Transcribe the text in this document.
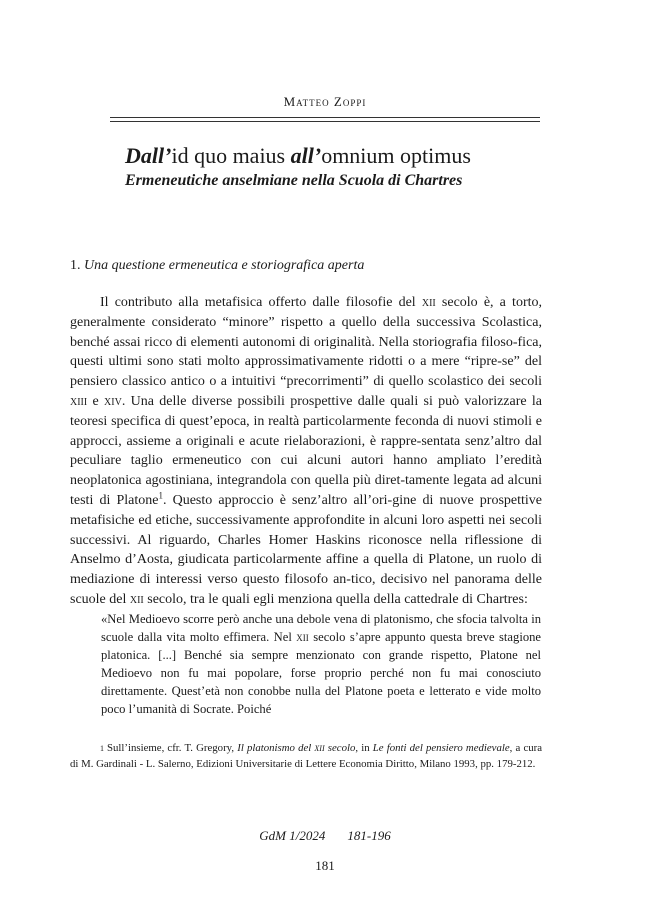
Matteo Zoppi

Dall’id quo maius all’omnium optimus

Ermeneutiche anselmiane nella Scuola di Chartres

1. Una questione ermeneutica e storiografica aperta

Il contributo alla metafisica offerto dalle filosofie del xii secolo è, a torto, generalmente considerato “minore” rispetto a quello della successiva Scolastica, benché assai ricco di elementi autonomi di originalità. Nella storiografia filoso-fica, questi ultimi sono stati molto approssimativamente ridotti o a mere “ripre-se” del pensiero classico antico o a intuitivi “precorrimenti” di quello scolastico dei secoli xiii e xiv. Una delle diverse possibili prospettive dalle quali si può valorizzare la teoresi specifica di quest’epoca, in realtà particolarmente feconda di nuovi stimoli e approcci, assieme a originali e acute rielaborazioni, è rappre-sentata senz’altro dal peculiare taglio ermeneutico con cui alcuni autori hanno ampliato l’eredità neoplatonica agostiniana, integrandola con quella più diret-tamente legata ad alcuni testi di Platone$^1$. Questo approccio è senz’altro all’ori-gine di nuove prospettive metafisiche ed etiche, successivamente approfondite in alcuni loro aspetti nei secoli successivi. Al riguardo, Charles Homer Haskins riconosce nella riflessione di Anselmo d’Aosta, giudicata particolarmente affine a quella di Platone, un ruolo di mediazione di interessi verso questo filosofo an-tico, decisivo nel panorama delle scuole del xii secolo, tra le quali egli menziona quella della cattedrale di Chartres:

«Nel Medioevo scorre però anche una debole vena di platonismo, che sfocia talvolta in scuole dalla vita molto effimera. Nel xii secolo s’apre appunto questa breve stagione platonica. [...] Benché sia sempre menzionato con grande rispetto, Platone nel Medioevo non fu mai popolare, forse proprio perché non fu mai conosciuto direttamente. Quest’età non conobbe nulla del Platone poeta e letterato e vide molto poco l’umanità di Socrate. Poiché

$^1$ Sull’insieme, cfr. T. Gregory, Il platonismo del xii secolo, in Le fonti del pensiero medievale, a cura di M. Gardinali - L. Salerno, Edizioni Universitarie di Lettere Economia Diritto, Milano 1993, pp. 179-212.

GdM 1/2024 181-196
181
